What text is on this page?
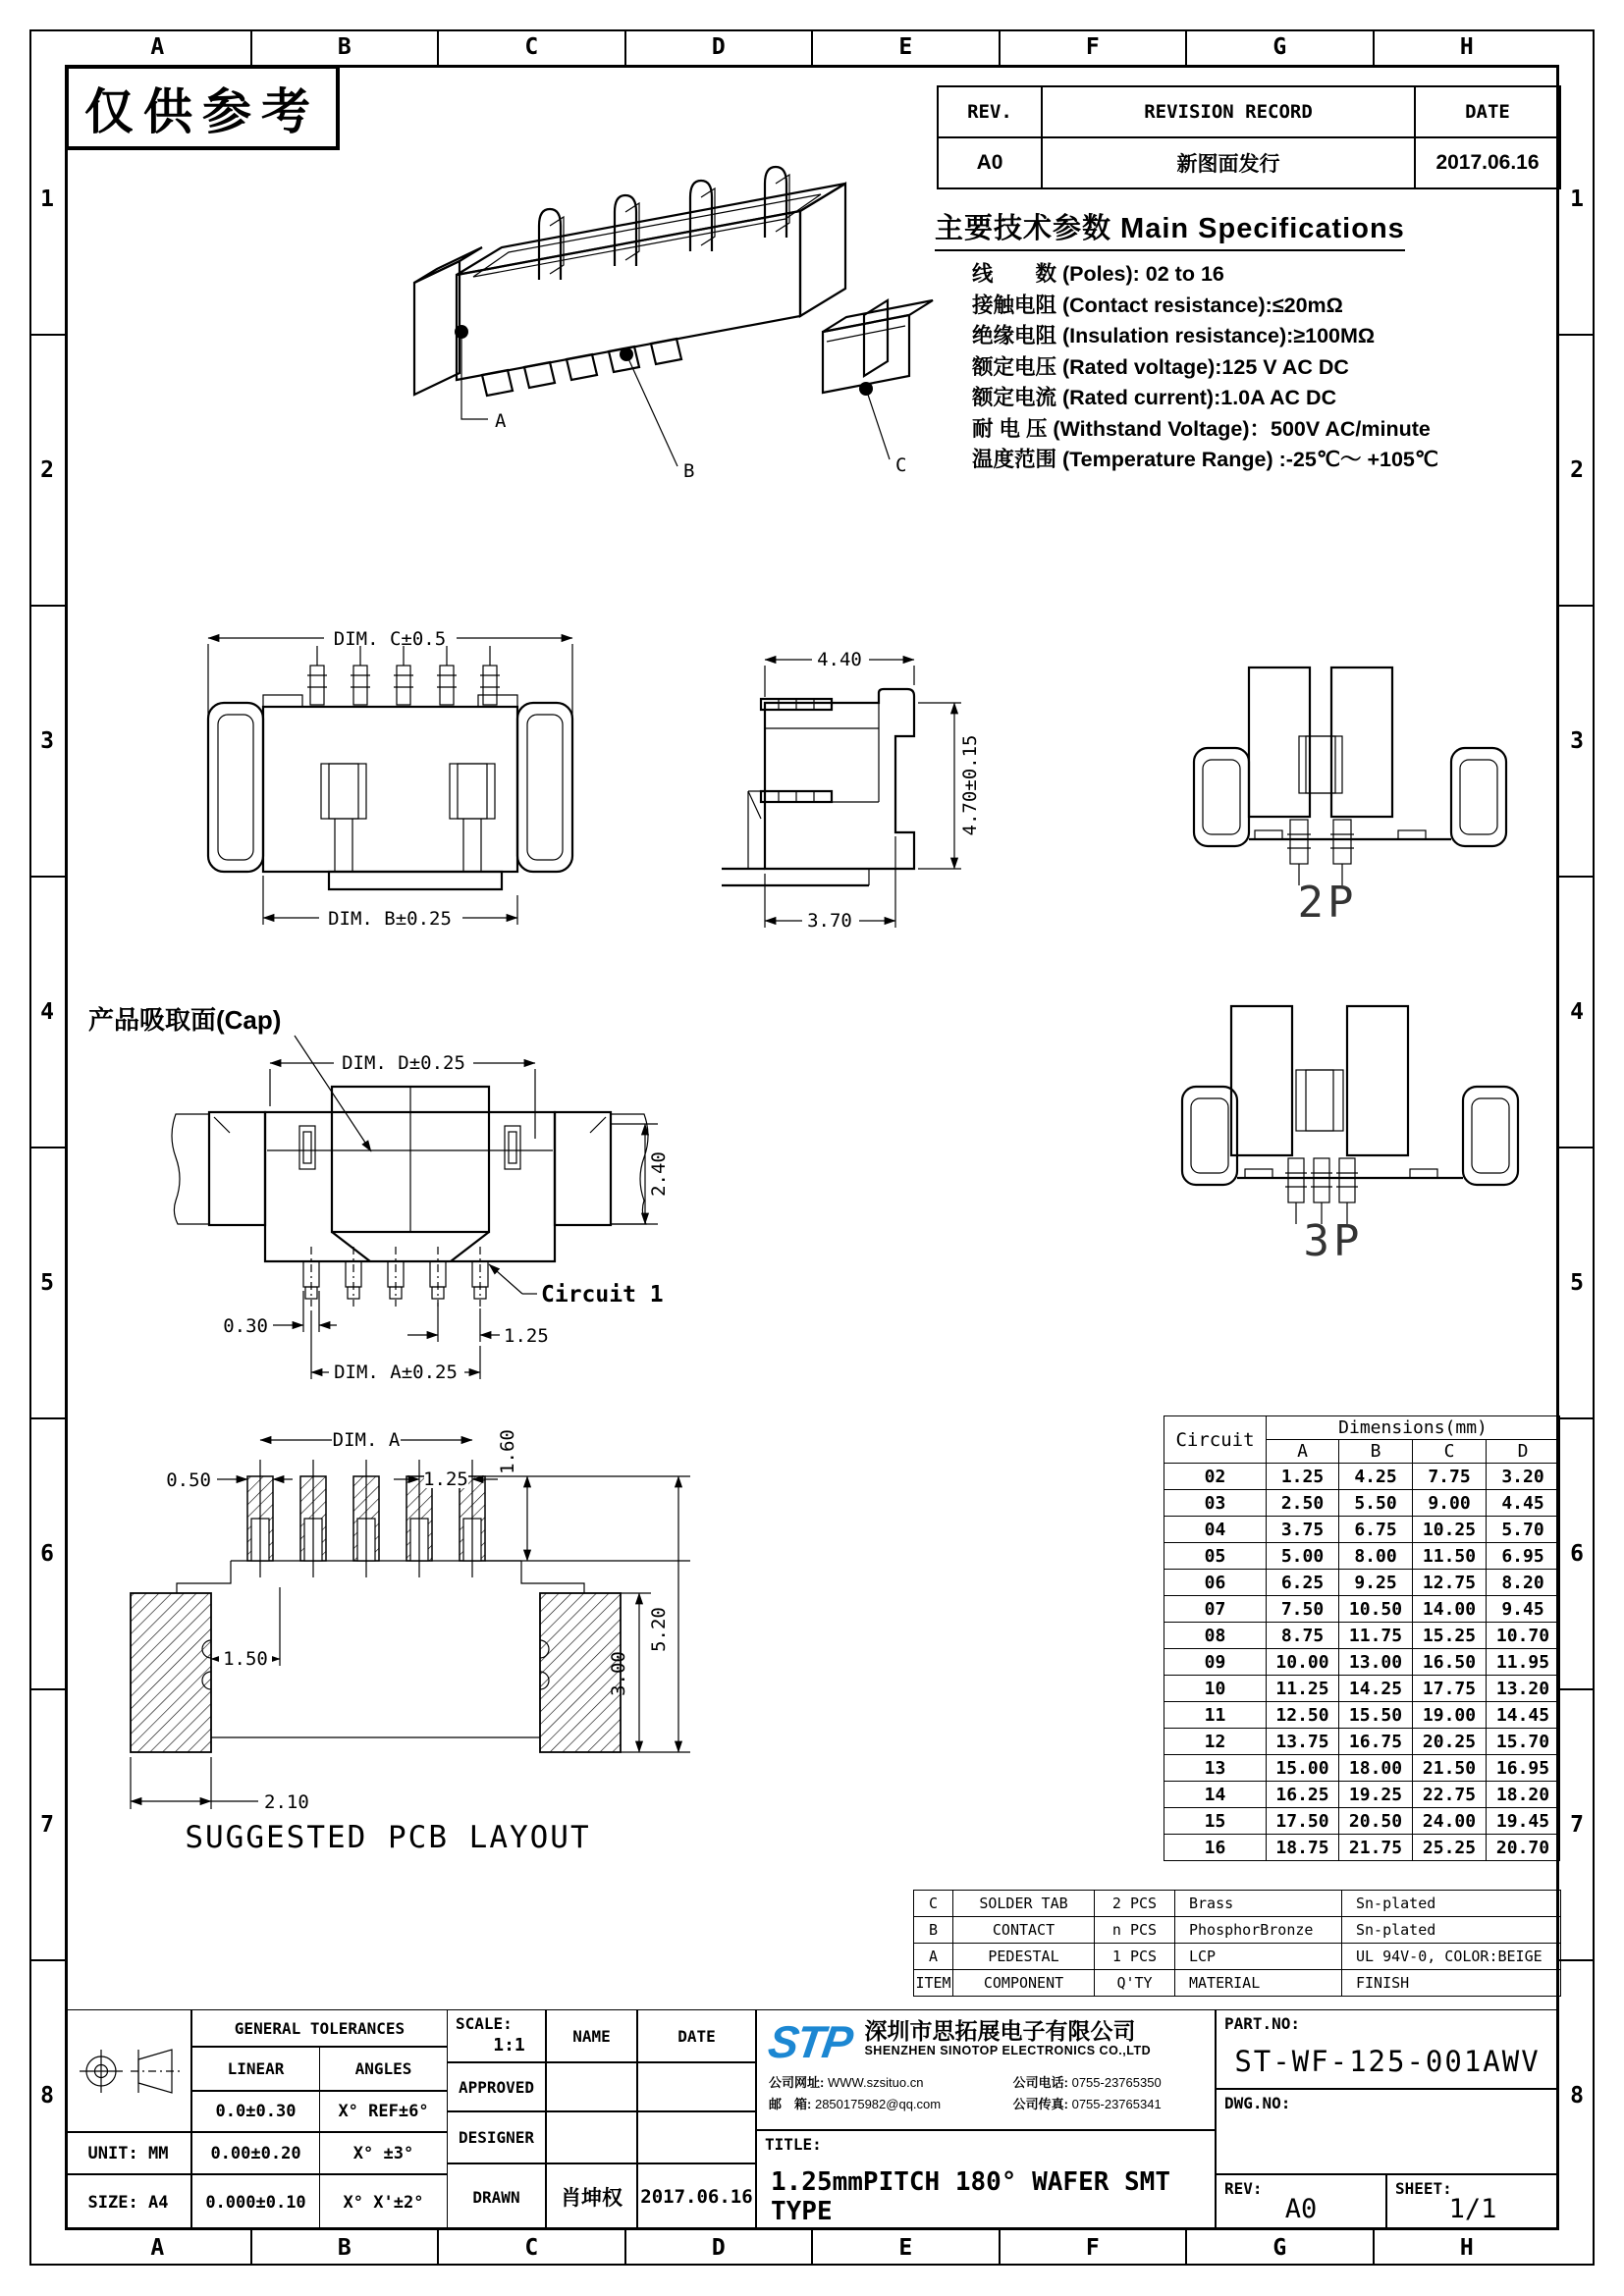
A	B	C	D	E	F	G	H
A	B	C	D	E	F	G	H
1
2
3
4
5
6
7
8
1
2
3
4
5
6
7
8
仅供参考	REV.	REVISION RECORD	DATE
A0	新图面发行	2017.06.16
主要技术参数 Main Specifications
线　　数 (Poles): 02 to 16
接触电阻 (Contact resistance):≤20mΩ
绝缘电阻 (Insulation resistance):≥100MΩ
额定电压 (Rated voltage):125 V AC DC
额定电流 (Rated current):1.0A AC DC
耐 电 压 (Withstand Voltage)：500V AC/minute
温度范围 (Temperature Range) :-25℃～ +105℃
A
B	C
DIM. C±0.5
DIM. B±0.25
4.40
4.70±0.15
3.70	2P
3P
产品吸取面(Cap)
DIM. D±0.25
2.40
Circuit 1
0.30	1.25
DIM. A±0.25
DIM. A
0.50	1.25
1.60
1.50	3.00
5.20
2.10
SUGGESTED PCB LAYOUT
Circuit	Dimensions(mm)			
	A	B	C	D
02	1.25	4.25	7.75	3.20
03	2.50	5.50	9.00	4.45
04	3.75	6.75	10.25	5.70
05	5.00	8.00	11.50	6.95
06	6.25	9.25	12.75	8.20
07	7.50	10.50	14.00	9.45
08	8.75	11.75	15.25	10.70
09	10.00	13.00	16.50	11.95
10	11.25	14.25	17.75	13.20
11	12.50	15.50	19.00	14.45
12	13.75	16.75	20.25	15.70
13	15.00	18.00	21.50	16.95
14	16.25	19.25	22.75	18.20
15	17.50	20.50	24.00	19.45
16	18.75	21.75	25.25	20.70
C	SOLDER TAB	2 PCS	Brass	Sn-plated
B	CONTACT	n PCS	PhosphorBronze	Sn-plated
A	PEDESTAL	1 PCS	LCP	UL 94V-0, COLOR:BEIGE
ITEM	COMPONENT	Q'TY	MATERIAL	FINISH
GENERAL TOLERANCES
LINEAR	ANGLES
0.0±0.30	X° REF±6°
UNIT: MM	0.00±0.20	X° ±3°
SIZE: A4	0.000±0.10	X° X'±2°
SCALE:
1:1	NAME	DATE
APPROVED
DESIGNER
DRAWN	肖坤权 2017.06.16
STP 深圳市思拓展电子有限公司
SHENZHEN SINOTOP ELECTRONICS CO.,LTD
公司网址: WWW.szsituo.cn	公司电话: 0755-23765350
邮　箱: 2850175982@qq.com	公司传真: 0755-23765341
TITLE:
1.25mmPITCH 180° WAFER SMT TYPE
PART.NO:
ST-WF-125-001AWV
DWG.NO:
REV:
A0
SHEET:
1/1
